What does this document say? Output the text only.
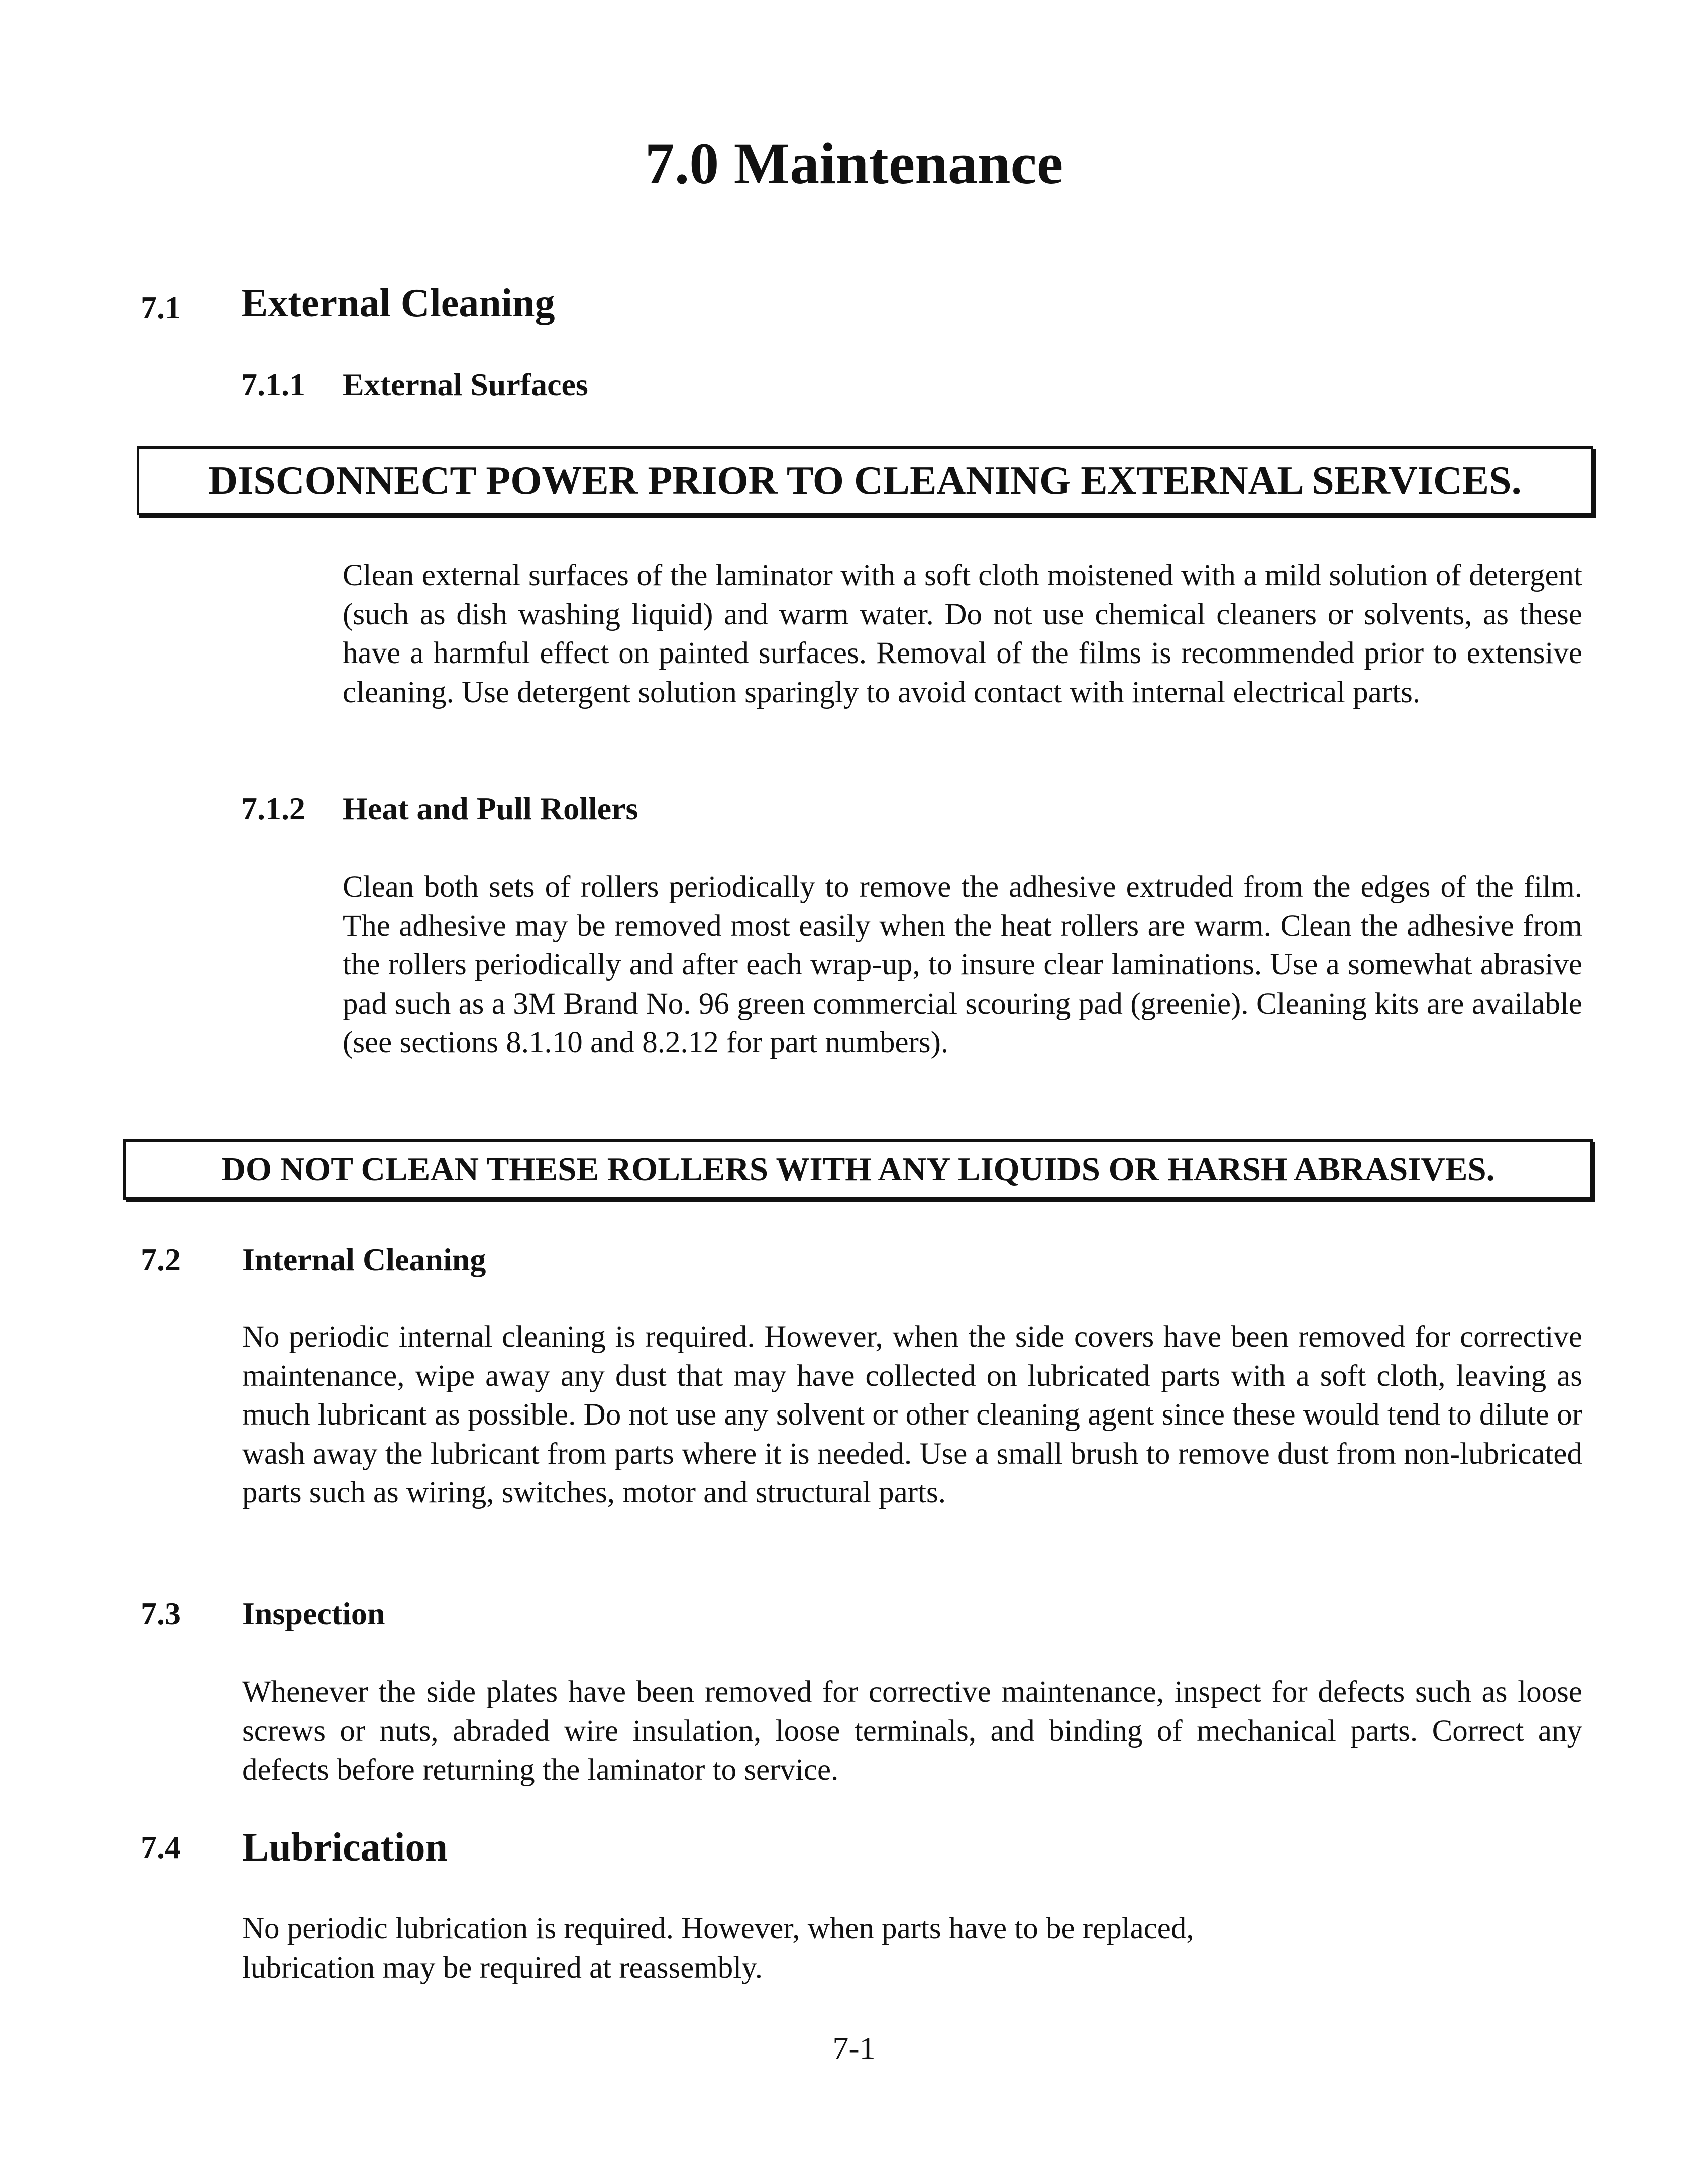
7.0 Maintenance
7.1 External Cleaning
7.1.1 External Surfaces
DISCONNECT POWER PRIOR TO CLEANING EXTERNAL SERVICES.

Clean external surfaces of the laminator with a soft cloth moistened with a mild solution of detergent (such as dish washing liquid) and warm water. Do not use chemical cleaners or solvents, as these have a harmful effect on painted surfaces. Removal of the films is recommended prior to extensive cleaning. Use detergent solution sparingly to avoid contact with internal electrical parts.

7.1.2 Heat and Pull Rollers

Clean both sets of rollers periodically to remove the adhesive extruded from the edges of the film. The adhesive may be removed most easily when the heat rollers are warm. Clean the adhesive from the rollers periodically and after each wrap-up, to insure clear laminations. Use a somewhat abrasive pad such as a 3M Brand No. 96 green commercial scouring pad (greenie). Cleaning kits are available (see sections 8.1.10 and 8.2.12 for part numbers).

DO NOT CLEAN THESE ROLLERS WITH ANY LIQUIDS OR HARSH ABRASIVES.
7.2 Internal Cleaning

No periodic internal cleaning is required. However, when the side covers have been removed for corrective maintenance, wipe away any dust that may have collected on lubricated parts with a soft cloth, leaving as much lubricant as possible. Do not use any solvent or other cleaning agent since these would tend to dilute or wash away the lubricant from parts where it is needed. Use a small brush to remove dust from non-lubricated parts such as wiring, switches, motor and structural parts.

7.3 Inspection

Whenever the side plates have been removed for corrective maintenance, inspect for defects such as loose screws or nuts, abraded wire insulation, loose terminals, and binding of mechanical parts. Correct any defects before returning the laminator to service.

7.4 Lubrication
No periodic lubrication is required. However, when parts have to be replaced,
lubrication may be required at reassembly.
7-1
